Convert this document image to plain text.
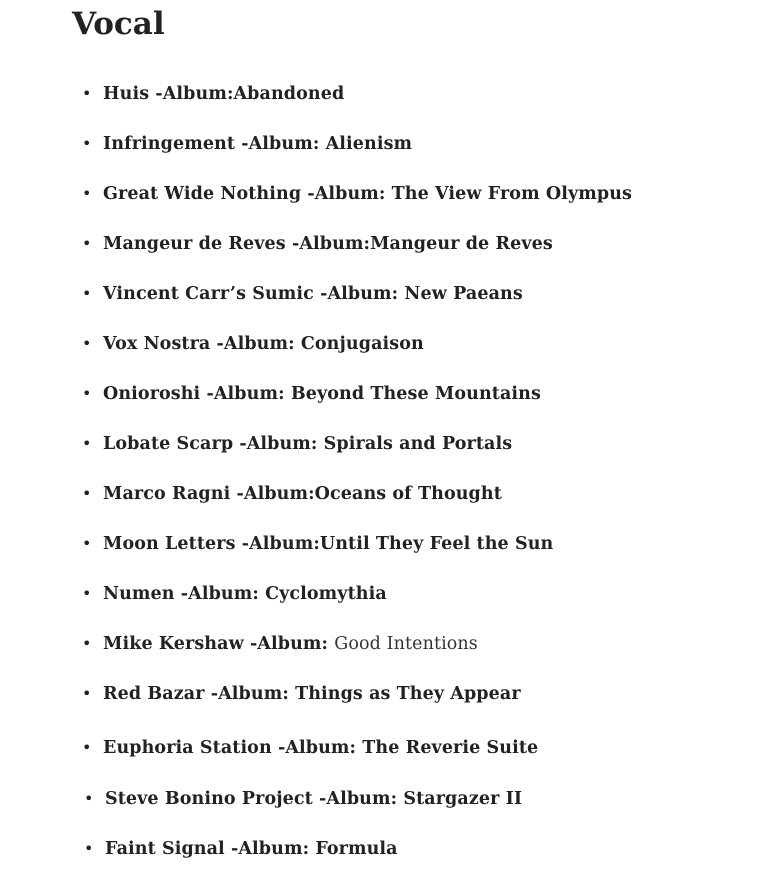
Vocal
• Huis -Album:Abandoned
• Infringement -Album: Alienism
• Great Wide Nothing -Album: The View From Olympus
• Mangeur de Reves -Album:Mangeur de Reves
• Vincent Carr’s Sumic -Album: New Paeans
• Vox Nostra -Album: Conjugaison
• Onioroshi -Album: Beyond These Mountains
• Lobate Scarp -Album: Spirals and Portals
• Marco Ragni -Album:Oceans of Thought
• Moon Letters -Album:Until They Feel the Sun
• Numen -Album: Cyclomythia
• Mike Kershaw -Album: Good Intentions
• Red Bazar -Album: Things as They Appear
• Euphoria Station -Album: The Reverie Suite
• Steve Bonino Project -Album: Stargazer II
• Faint Signal -Album: Formula
